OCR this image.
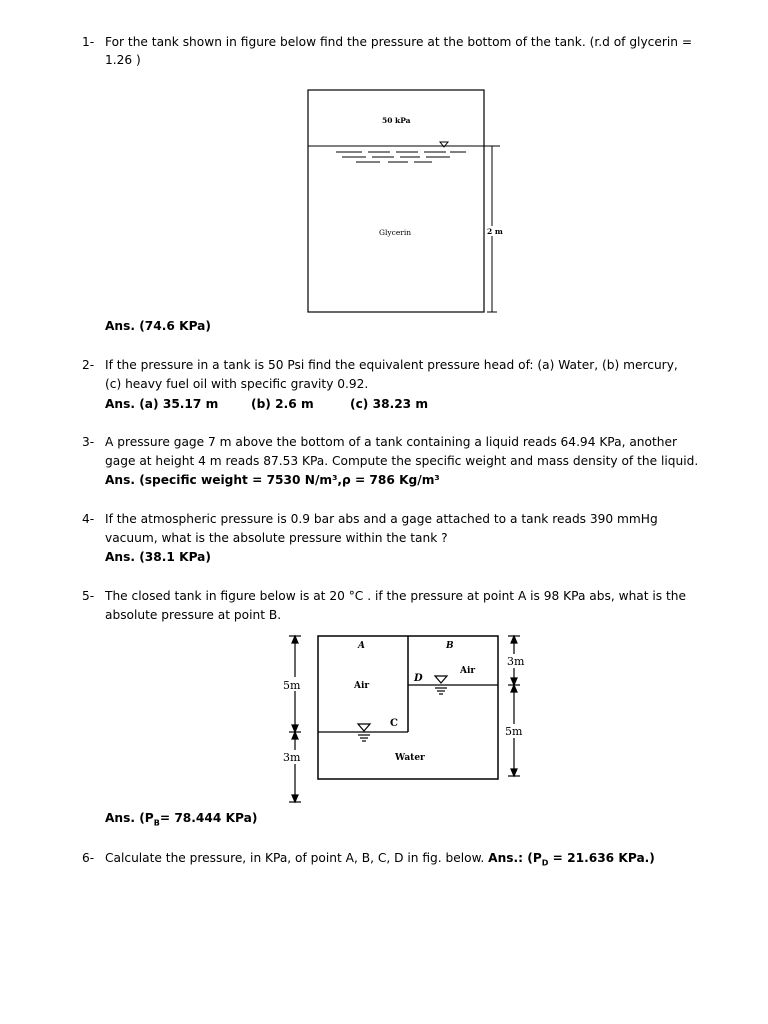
1- For the tank shown in figure below find the pressure at the bottom of the tank. (r.d of glycerin =
1.26 )
50 kPa
Glycerin	2 m
Ans. (74.6 KPa)
2- If the pressure in a tank is 50 Psi find the equivalent pressure head of: (a) Water, (b) mercury,
(c) heavy fuel oil with specific gravity 0.92.
Ans. (a) 35.17 m	(b) 2.6 m	(c) 38.23 m
3- A pressure gage 7 m above the bottom of a tank containing a liquid reads 64.94 KPa, another
gage at height 4 m reads 87.53 KPa. Compute the specific weight and mass density of the liquid.
Ans. (specific weight = 7530 N/m³, ρ = 786 Kg/m³
4- If the atmospheric pressure is 0.9 bar abs and a gage attached to a tank reads 390 mmHg
vacuum, what is the absolute pressure within the tank ?
Ans. (38.1 KPa)
5- The closed tank in figure below is at 20 °C . if the pressure at point A is 98 KPa abs, what is the
absolute pressure at point B.
A	B
C
D
Air
Air
Water
5m
3m
3m
5m
Ans. ($P_B= 78.444$ KPa)
6- Calculate the pressure, in KPa, of point A, B, C, D in fig. below. Ans.: ($P_D = 21.636$ KPa.)
